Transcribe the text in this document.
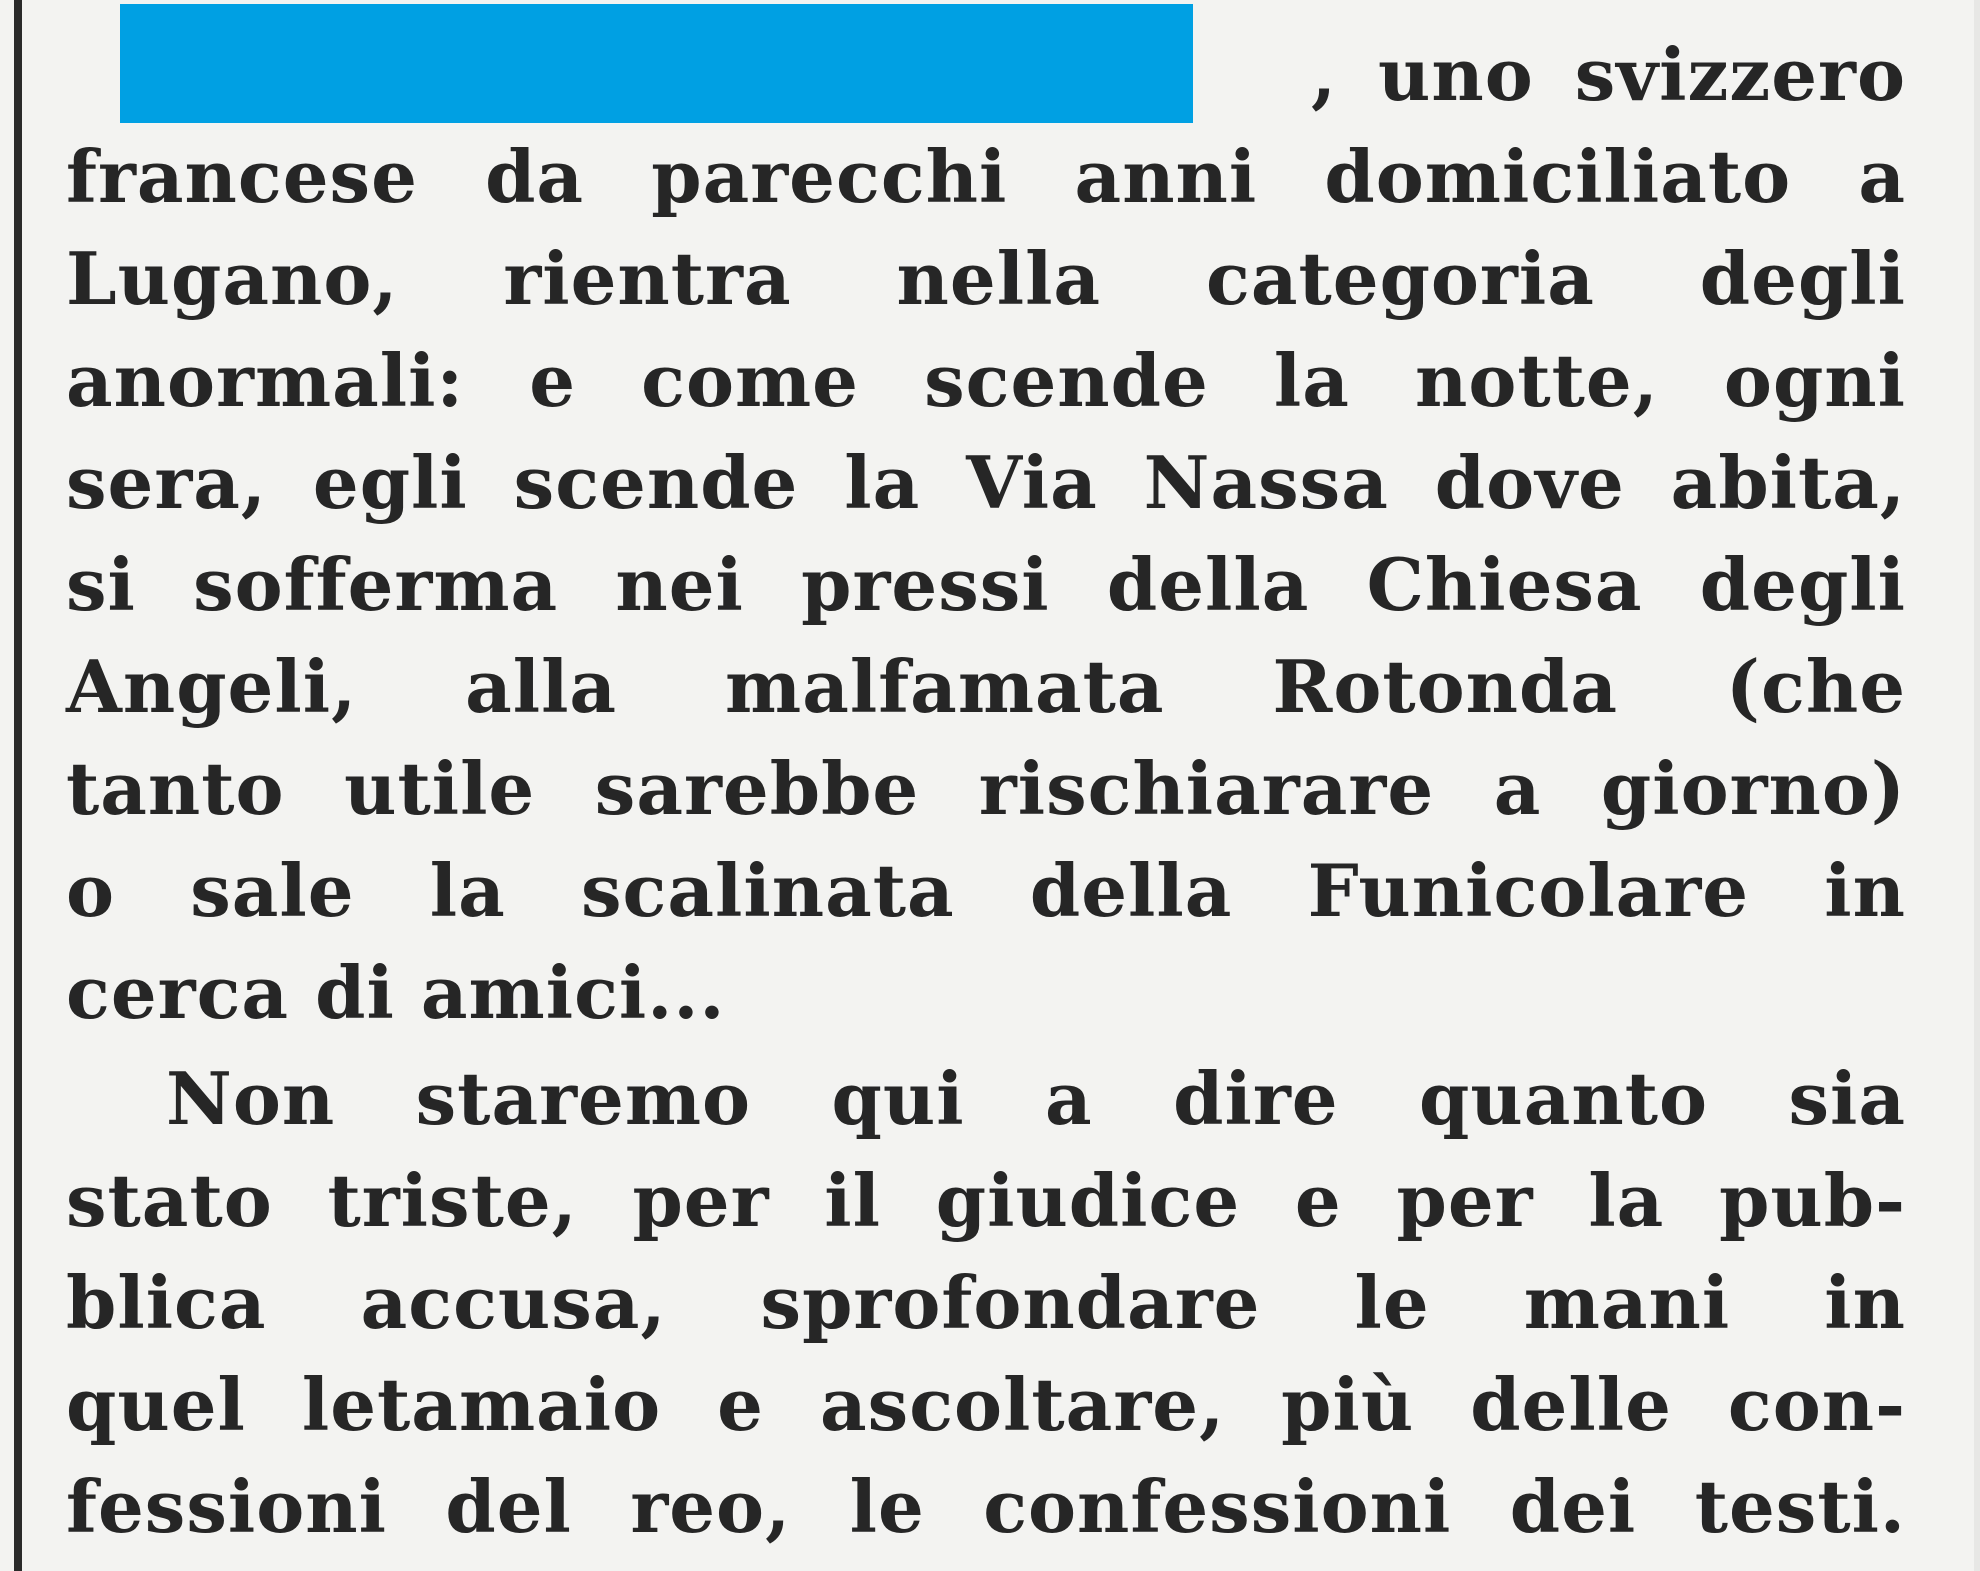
, uno svizzero
francese da parecchi anni domiciliato a
Lugano, rientra nella categoria degli
anormali: e come scende la notte, ogni
sera, egli scende la Via Nassa dove abita,
si sofferma nei pressi della Chiesa degli
Angeli, alla malfamata Rotonda (che
tanto utile sarebbe rischiarare a giorno)
o sale la scalinata della Funicolare in
cerca di amici...
Non staremo qui a dire quanto sia
stato triste, per il giudice e per la pub-
blica accusa, sprofondare le mani in
quel letamaio e ascoltare, più delle con-
fessioni del reo, le confessioni dei testi.
